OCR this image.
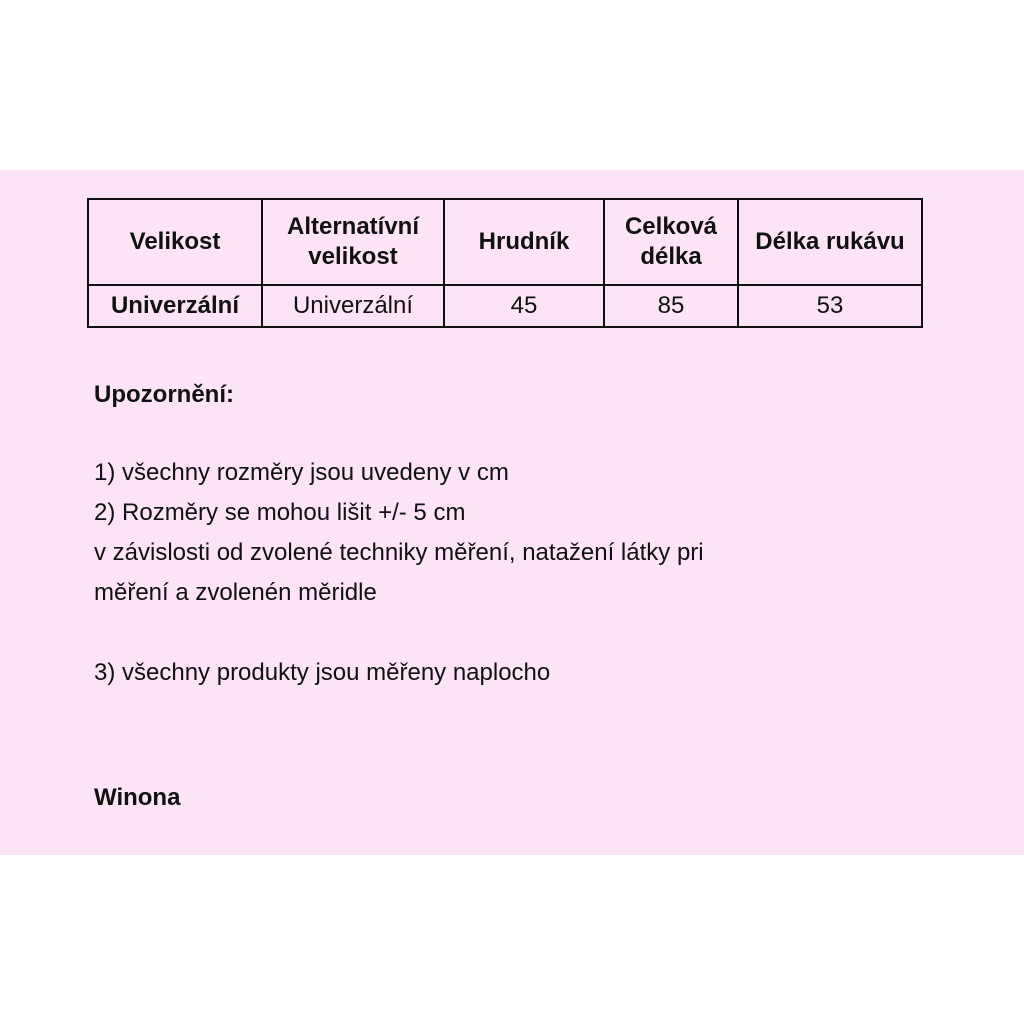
Velikost	Alternatívní velikost	Hrudník	Celková délka	Délka rukávu
Univerzální	Univerzální	45	85	53

Upozornění:

1) všechny rozměry jsou uvedeny v cm
2) Rozměry se mohou lišit +/- 5 cm
v závislosti od zvolené techniky měření, natažení látky pri
měření a zvolenén měridle
3) všechny produkty jsou měřeny naplocho
Winona
